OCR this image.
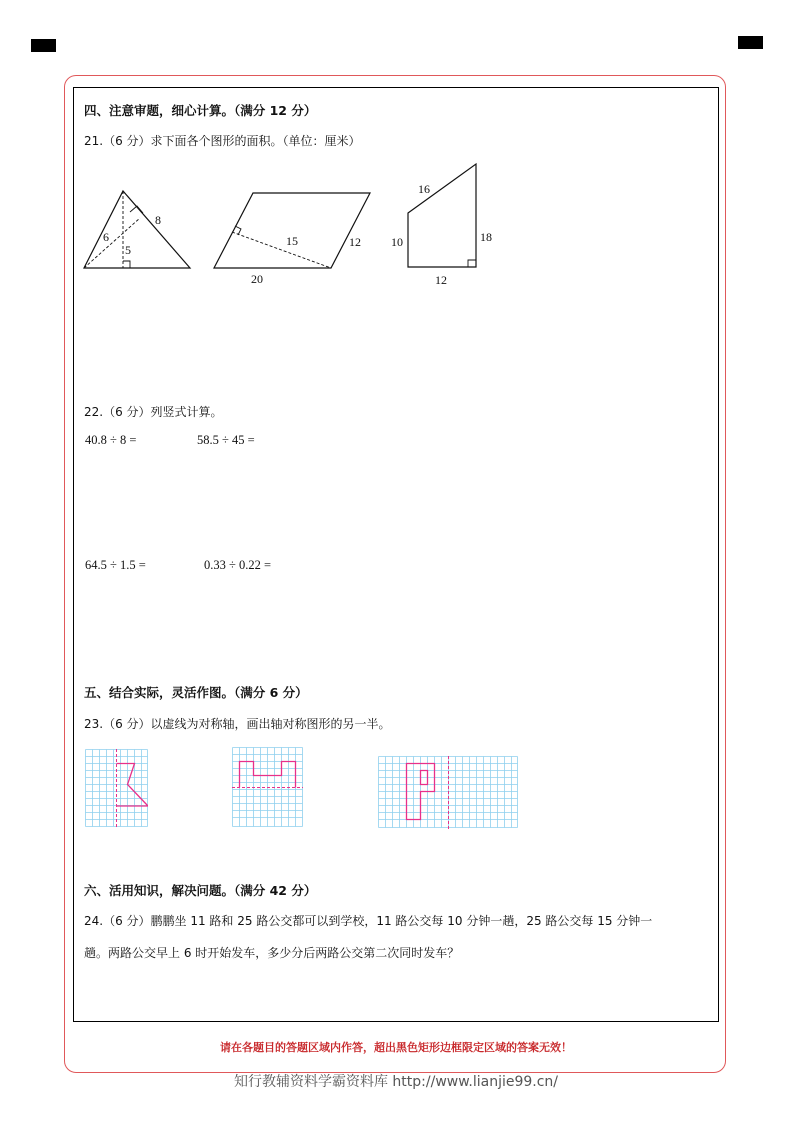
四、注意审题，细心计算。（满分 12 分）
21.（6 分）求下面各个图形的面积。（单位：厘米）
8
6
5
15	12
20
16
10	18
12
22.（6 分）列竖式计算。
40.8 ÷ 8 =	58.5 ÷ 45 =
64.5 ÷ 1.5 =	0.33 ÷ 0.22 =
五、结合实际，灵活作图。（满分 6 分）
23.（6 分）以虚线为对称轴，画出轴对称图形的另一半。
六、活用知识，解决问题。（满分 42 分）
24.（6 分）鹏鹏坐 11 路和 25 路公交都可以到学校，11 路公交每 10 分钟一趟，25 路公交每 15 分钟一
趟。两路公交早上 6 时开始发车，多少分后两路公交第二次同时发车？
请在各题目的答题区域内作答，超出黑色矩形边框限定区域的答案无效！
知行教辅资料学霸资料库 http://www.lianjie99.cn/
